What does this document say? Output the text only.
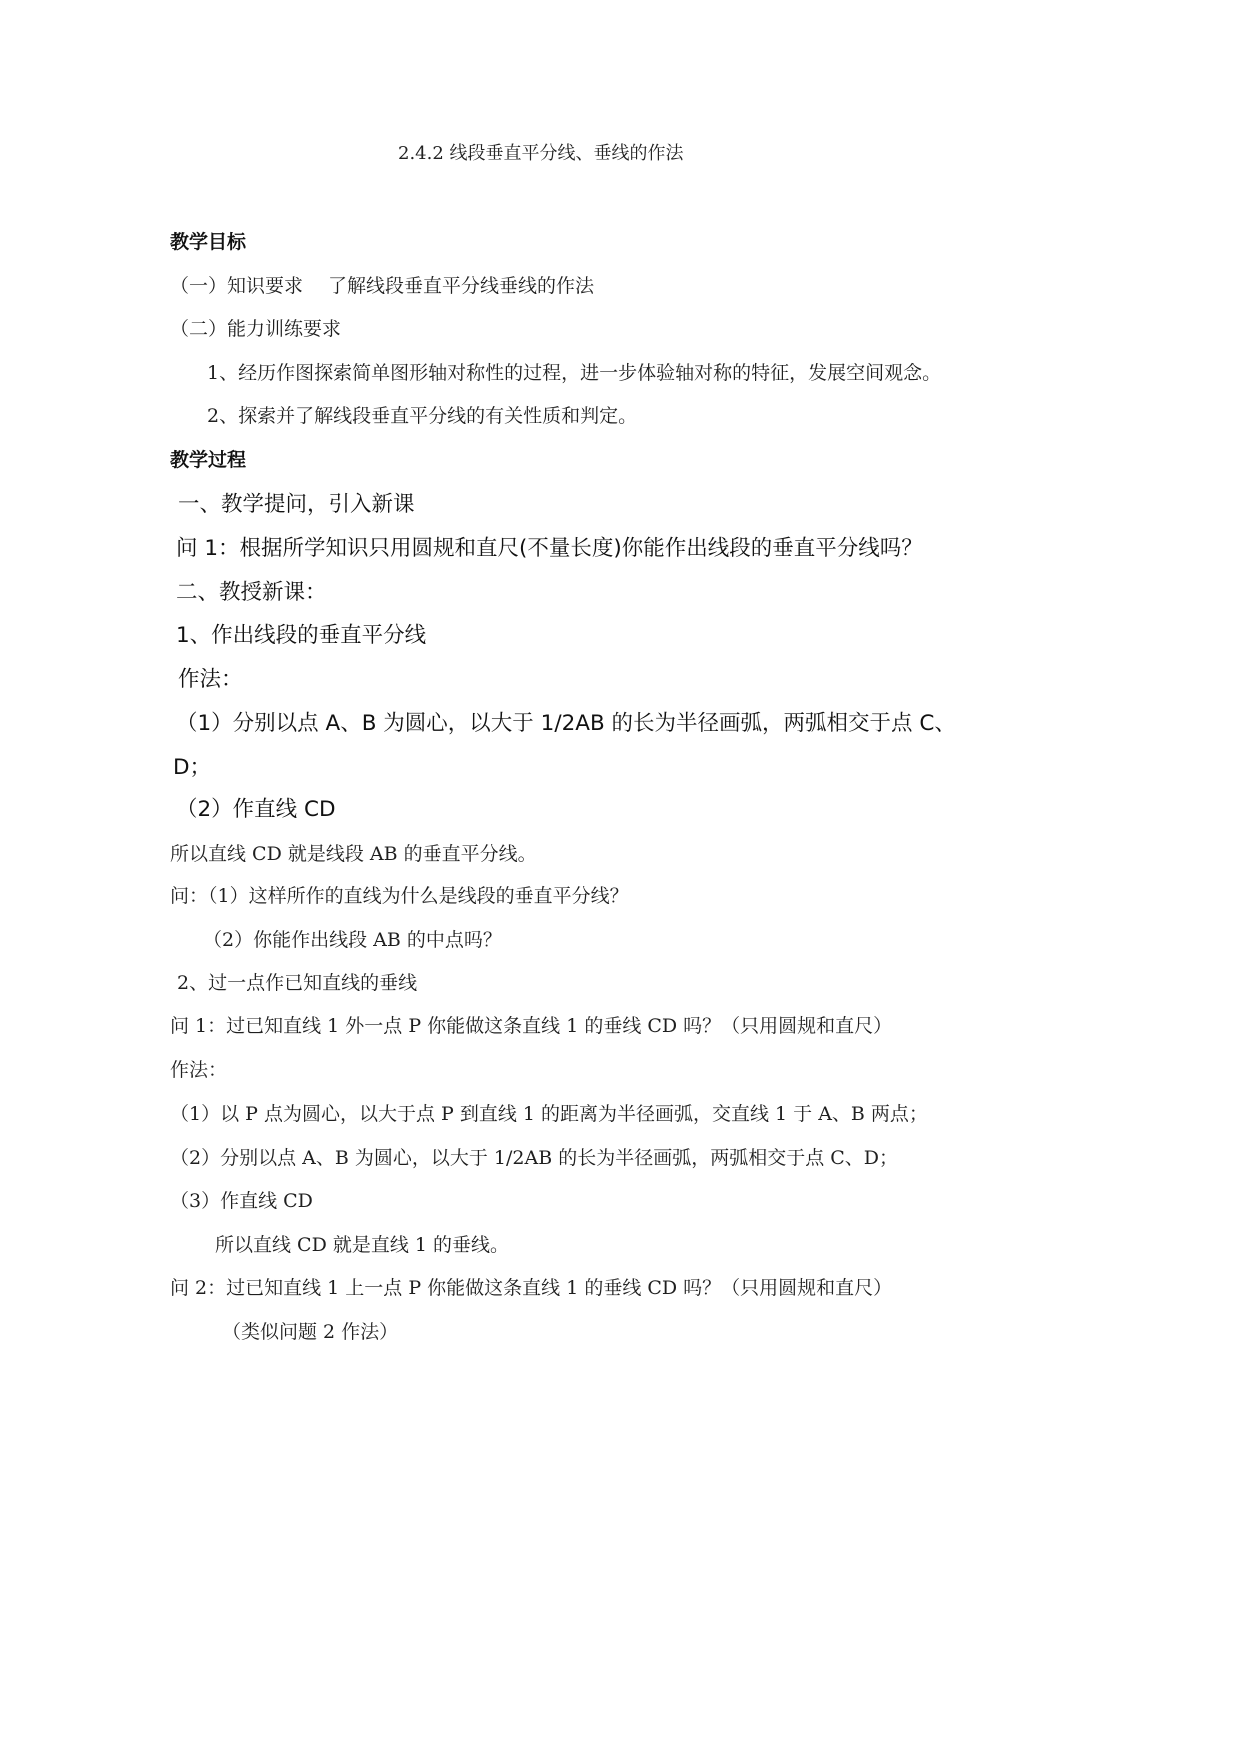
2.4.2 线段垂直平分线、垂线的作法
教学目标
（一）知识要求　 了解线段垂直平分线垂线的作法
（二）能力训练要求
1、经历作图探索简单图形轴对称性的过程，进一步体验轴对称的特征，发展空间观念。
2、探索并了解线段垂直平分线的有关性质和判定。
教学过程
一、教学提问，引入新课
问 1：根据所学知识只用圆规和直尺(不量长度)你能作出线段的垂直平分线吗？
二、教授新课：
1、作出线段的垂直平分线
作法：
（1）分别以点 A、B 为圆心，以大于 1/2AB 的长为半径画弧，两弧相交于点 C、
D；
（2）作直线 CD
所以直线 CD 就是线段 AB 的垂直平分线。
问：（1）这样所作的直线为什么是线段的垂直平分线？
（2）你能作出线段 AB 的中点吗？
2、过一点作已知直线的垂线
问 1：过已知直线 1 外一点 P 你能做这条直线 1 的垂线 CD 吗？（只用圆规和直尺）
作法：
（1）以 P 点为圆心，以大于点 P 到直线 1 的距离为半径画弧，交直线 1 于 A、B 两点；
（2）分别以点 A、B 为圆心，以大于 1/2AB 的长为半径画弧，两弧相交于点 C、D；
（3）作直线 CD
所以直线 CD 就是直线 1 的垂线。
问 2：过已知直线 1 上一点 P 你能做这条直线 1 的垂线 CD 吗？（只用圆规和直尺）
（类似问题 2 作法）
